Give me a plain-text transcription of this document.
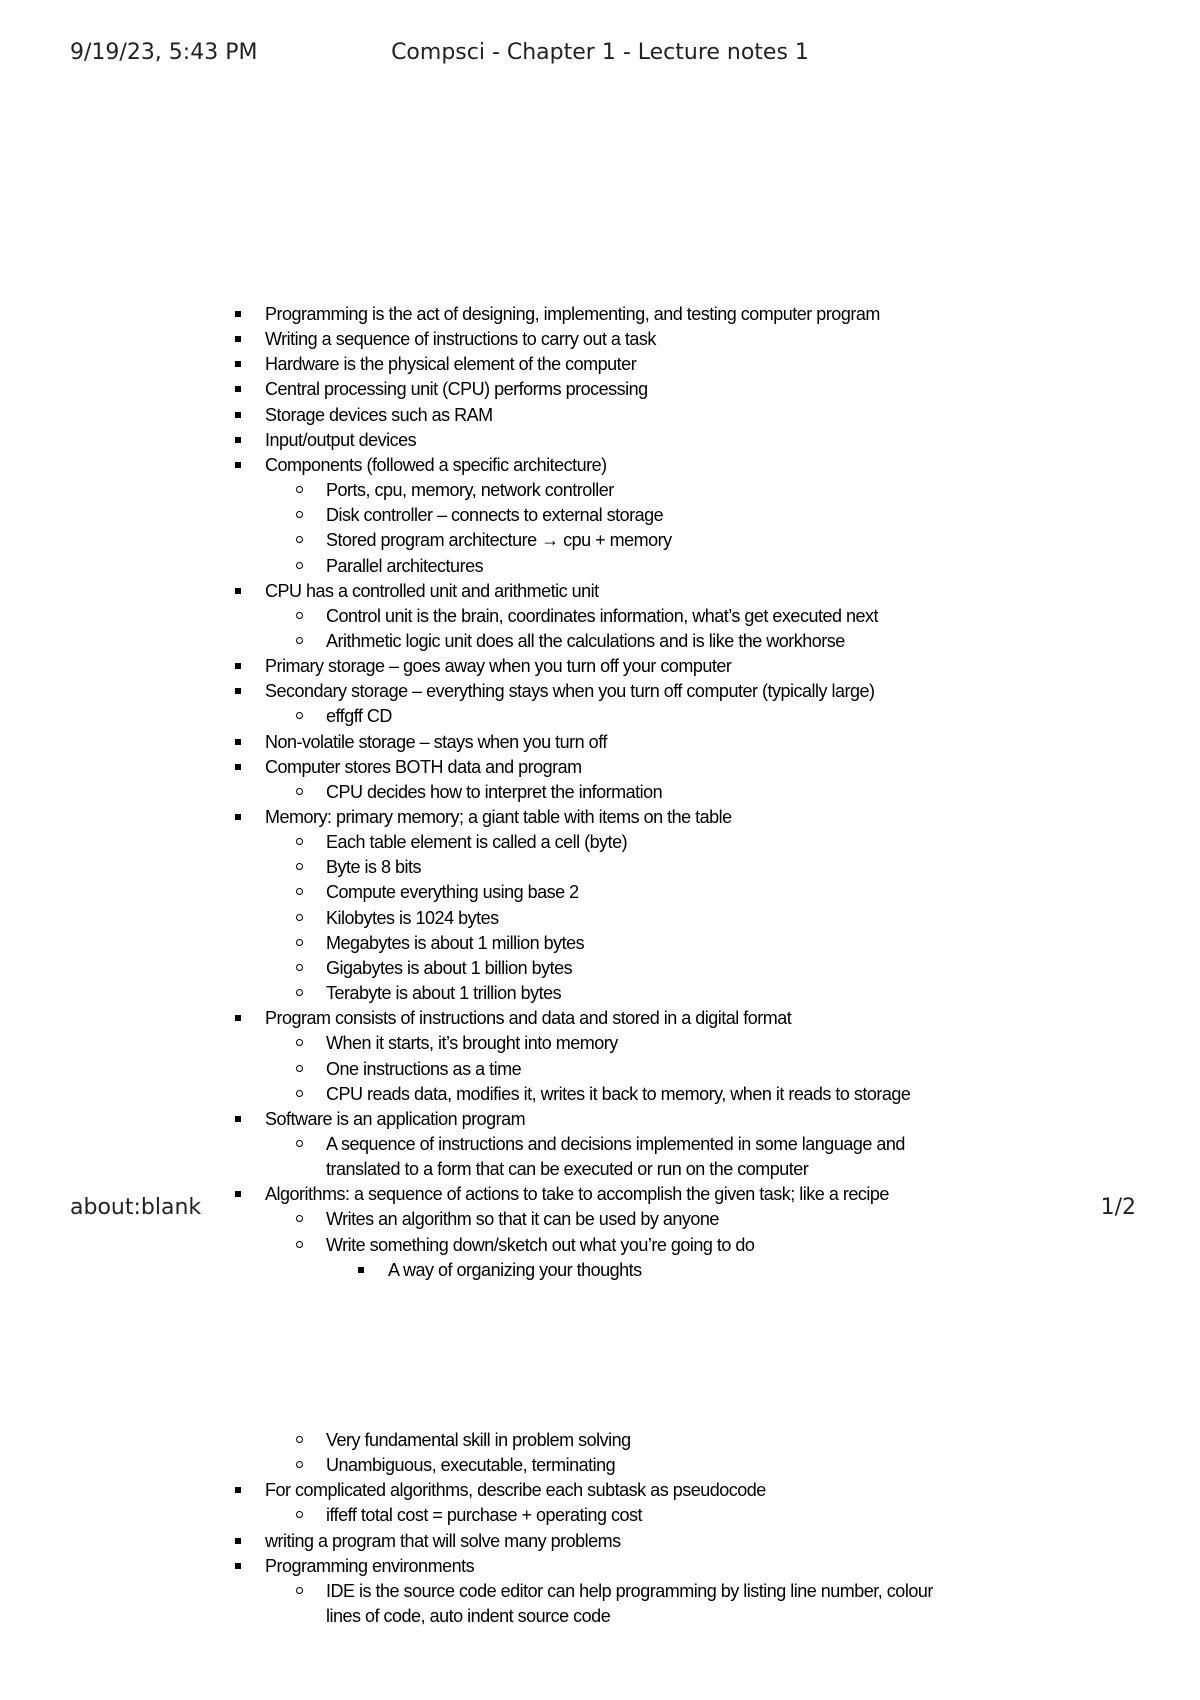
9/19/23, 5:43 PM	Compsci - Chapter 1 - Lecture notes 1
Programming is the act of designing, implementing, and testing computer program
Writing a sequence of instructions to carry out a task
Hardware is the physical element of the computer
Central processing unit (CPU) performs processing
Storage devices such as RAM
Input/output devices
Components (followed a specific architecture)
Ports, cpu, memory, network controller
Disk controller – connects to external storage
Stored program architecture → cpu + memory
Parallel architectures
CPU has a controlled unit and arithmetic unit
Control unit is the brain, coordinates information, what’s get executed next
Arithmetic logic unit does all the calculations and is like the workhorse
Primary storage – goes away when you turn off your computer
Secondary storage – everything stays when you turn off computer (typically large)
effgff CD
Non-volatile storage – stays when you turn off
Computer stores BOTH data and program
CPU decides how to interpret the information
Memory: primary memory; a giant table with items on the table
Each table element is called a cell (byte)
Byte is 8 bits
Compute everything using base 2
Kilobytes is 1024 bytes
Megabytes is about 1 million bytes
Gigabytes is about 1 billion bytes
Terabyte is about 1 trillion bytes
Program consists of instructions and data and stored in a digital format
When it starts, it’s brought into memory
One instructions as a time
CPU reads data, modifies it, writes it back to memory, when it reads to storage
Software is an application program
A sequence of instructions and decisions implemented in some language and
translated to a form that can be executed or run on the computer
Algorithms: a sequence of actions to take to accomplish the given task; like a recipe
Writes an algorithm so that it can be used by anyone
Write something down/sketch out what you’re going to do
A way of organizing your thoughts
Very fundamental skill in problem solving
Unambiguous, executable, terminating
For complicated algorithms, describe each subtask as pseudocode
iffeff total cost = purchase + operating cost
writing a program that will solve many problems
Programming environments
IDE is the source code editor can help programming by listing line number, colour
lines of code, auto indent source code
about:blank	1/2
